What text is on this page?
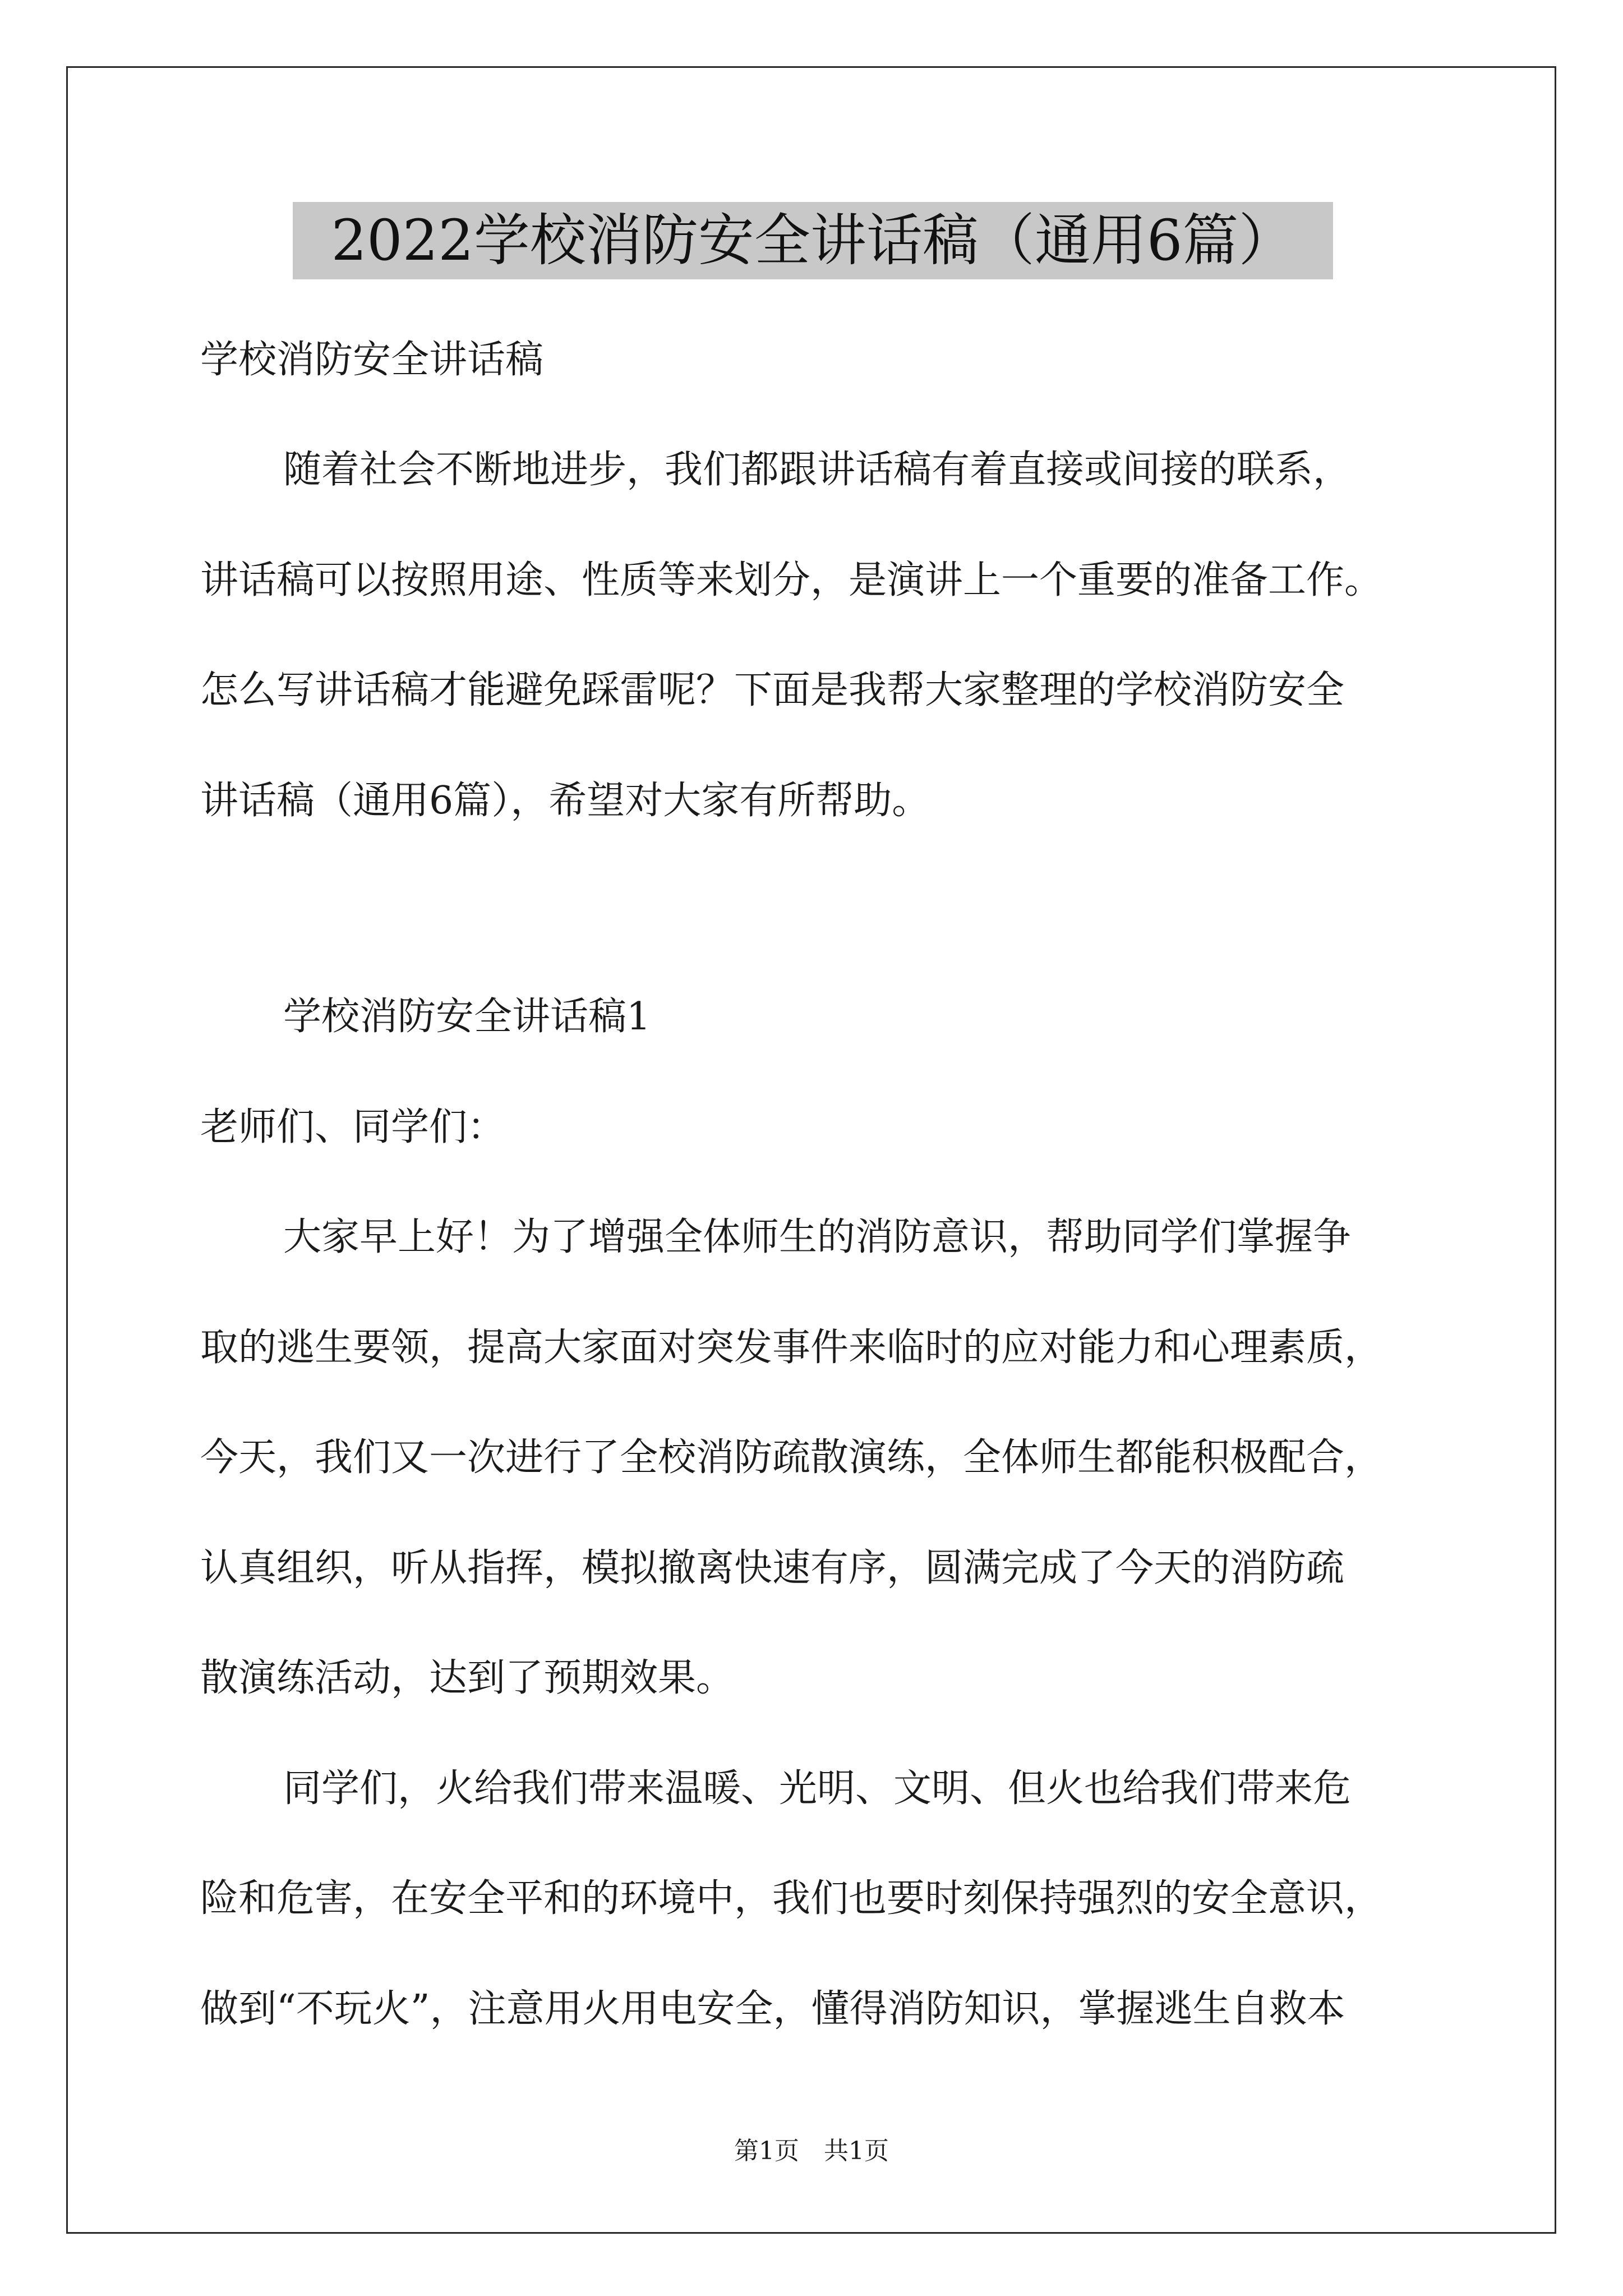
2022学校消防安全讲话稿（通用6篇）
学校消防安全讲话稿
随着社会不断地进步，我们都跟讲话稿有着直接或间接的联系，
讲话稿可以按照用途、性质等来划分，是演讲上一个重要的准备工作。
怎么写讲话稿才能避免踩雷呢？下面是我帮大家整理的学校消防安全
讲话稿（通用6篇），希望对大家有所帮助。
学校消防安全讲话稿1
老师们、同学们：
大家早上好！为了增强全体师生的消防意识，帮助同学们掌握争
取的逃生要领，提高大家面对突发事件来临时的应对能力和心理素质，
今天，我们又一次进行了全校消防疏散演练，全体师生都能积极配合，
认真组织，听从指挥，模拟撤离快速有序，圆满完成了今天的消防疏
散演练活动，达到了预期效果。
同学们，火给我们带来温暖、光明、文明、但火也给我们带来危
险和危害，在安全平和的环境中，我们也要时刻保持强烈的安全意识，
做到“不玩火”，注意用火用电安全，懂得消防知识，掌握逃生自救本
第1页　共1页
